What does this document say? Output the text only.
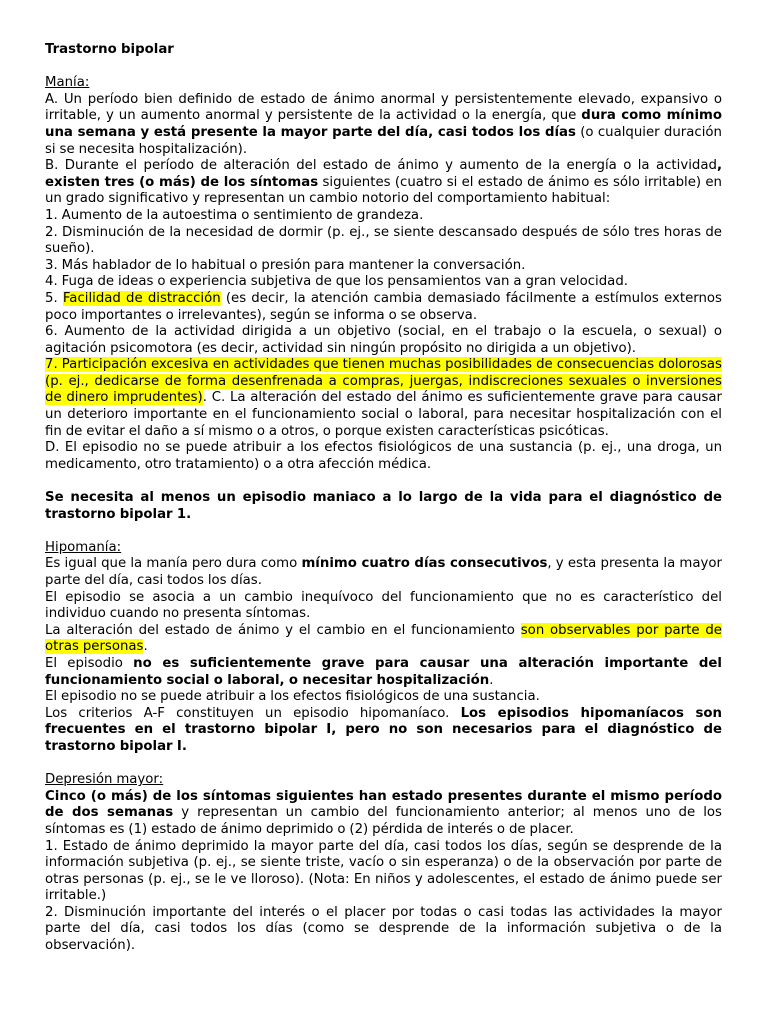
Trastorno bipolar

Manía:

A. Un período bien definido de estado de ánimo anormal y persistentemente elevado, expansivo o irritable, y un aumento anormal y persistente de la actividad o la energía, que dura como mínimo una semana y está presente la mayor parte del día, casi todos los días (o cualquier duración si se necesita hospitalización).

B. Durante el período de alteración del estado de ánimo y aumento de la energía o la actividad, existen tres (o más) de los síntomas siguientes (cuatro si el estado de ánimo es sólo irritable) en un grado significativo y representan un cambio notorio del comportamiento habitual:

1. Aumento de la autoestima o sentimiento de grandeza.

2. Disminución de la necesidad de dormir (p. ej., se siente descansado después de sólo tres horas de sueño).

3. Más hablador de lo habitual o presión para mantener la conversación.

4. Fuga de ideas o experiencia subjetiva de que los pensamientos van a gran velocidad.

5. Facilidad de distracción (es decir, la atención cambia demasiado fácilmente a estímulos externos poco importantes o irrelevantes), según se informa o se observa.

6. Aumento de la actividad dirigida a un objetivo (social, en el trabajo o la escuela, o sexual) o agitación psicomotora (es decir, actividad sin ningún propósito no dirigida a un objetivo).

7. Participación excesiva en actividades que tienen muchas posibilidades de consecuencias dolorosas (p. ej., dedicarse de forma desenfrenada a compras, juergas, indiscreciones sexuales o inversiones de dinero imprudentes). C. La alteración del estado del ánimo es suficientemente grave para causar un deterioro importante en el funcionamiento social o laboral, para necesitar hospitalización con el fin de evitar el daño a sí mismo o a otros, o porque existen características psicóticas.

D. El episodio no se puede atribuir a los efectos fisiológicos de una sustancia (p. ej., una droga, un medicamento, otro tratamiento) o a otra afección médica.

Se necesita al menos un episodio maniaco a lo largo de la vida para el diagnóstico de trastorno bipolar 1.

Hipomanía:

Es igual que la manía pero dura como mínimo cuatro días consecutivos, y esta presenta la mayor parte del día, casi todos los días.

El episodio se asocia a un cambio inequívoco del funcionamiento que no es característico del individuo cuando no presenta síntomas.

La alteración del estado de ánimo y el cambio en el funcionamiento son observables por parte de otras personas.

El episodio no es suficientemente grave para causar una alteración importante del funcionamiento social o laboral, o necesitar hospitalización.

El episodio no se puede atribuir a los efectos fisiológicos de una sustancia.

Los criterios A-F constituyen un episodio hipomaníaco. Los episodios hipomaníacos son frecuentes en el trastorno bipolar I, pero no son necesarios para el diagnóstico de trastorno bipolar I.

Depresión mayor:

Cinco (o más) de los síntomas siguientes han estado presentes durante el mismo período de dos semanas y representan un cambio del funcionamiento anterior; al menos uno de los síntomas es (1) estado de ánimo deprimido o (2) pérdida de interés o de placer.

1. Estado de ánimo deprimido la mayor parte del día, casi todos los días, según se desprende de la información subjetiva (p. ej., se siente triste, vacío o sin esperanza) o de la observación por parte de otras personas (p. ej., se le ve lloroso). (Nota: En niños y adolescentes, el estado de ánimo puede ser irritable.)

2. Disminución importante del interés o el placer por todas o casi todas las actividades la mayor parte del día, casi todos los días (como se desprende de la información subjetiva o de la observación).
